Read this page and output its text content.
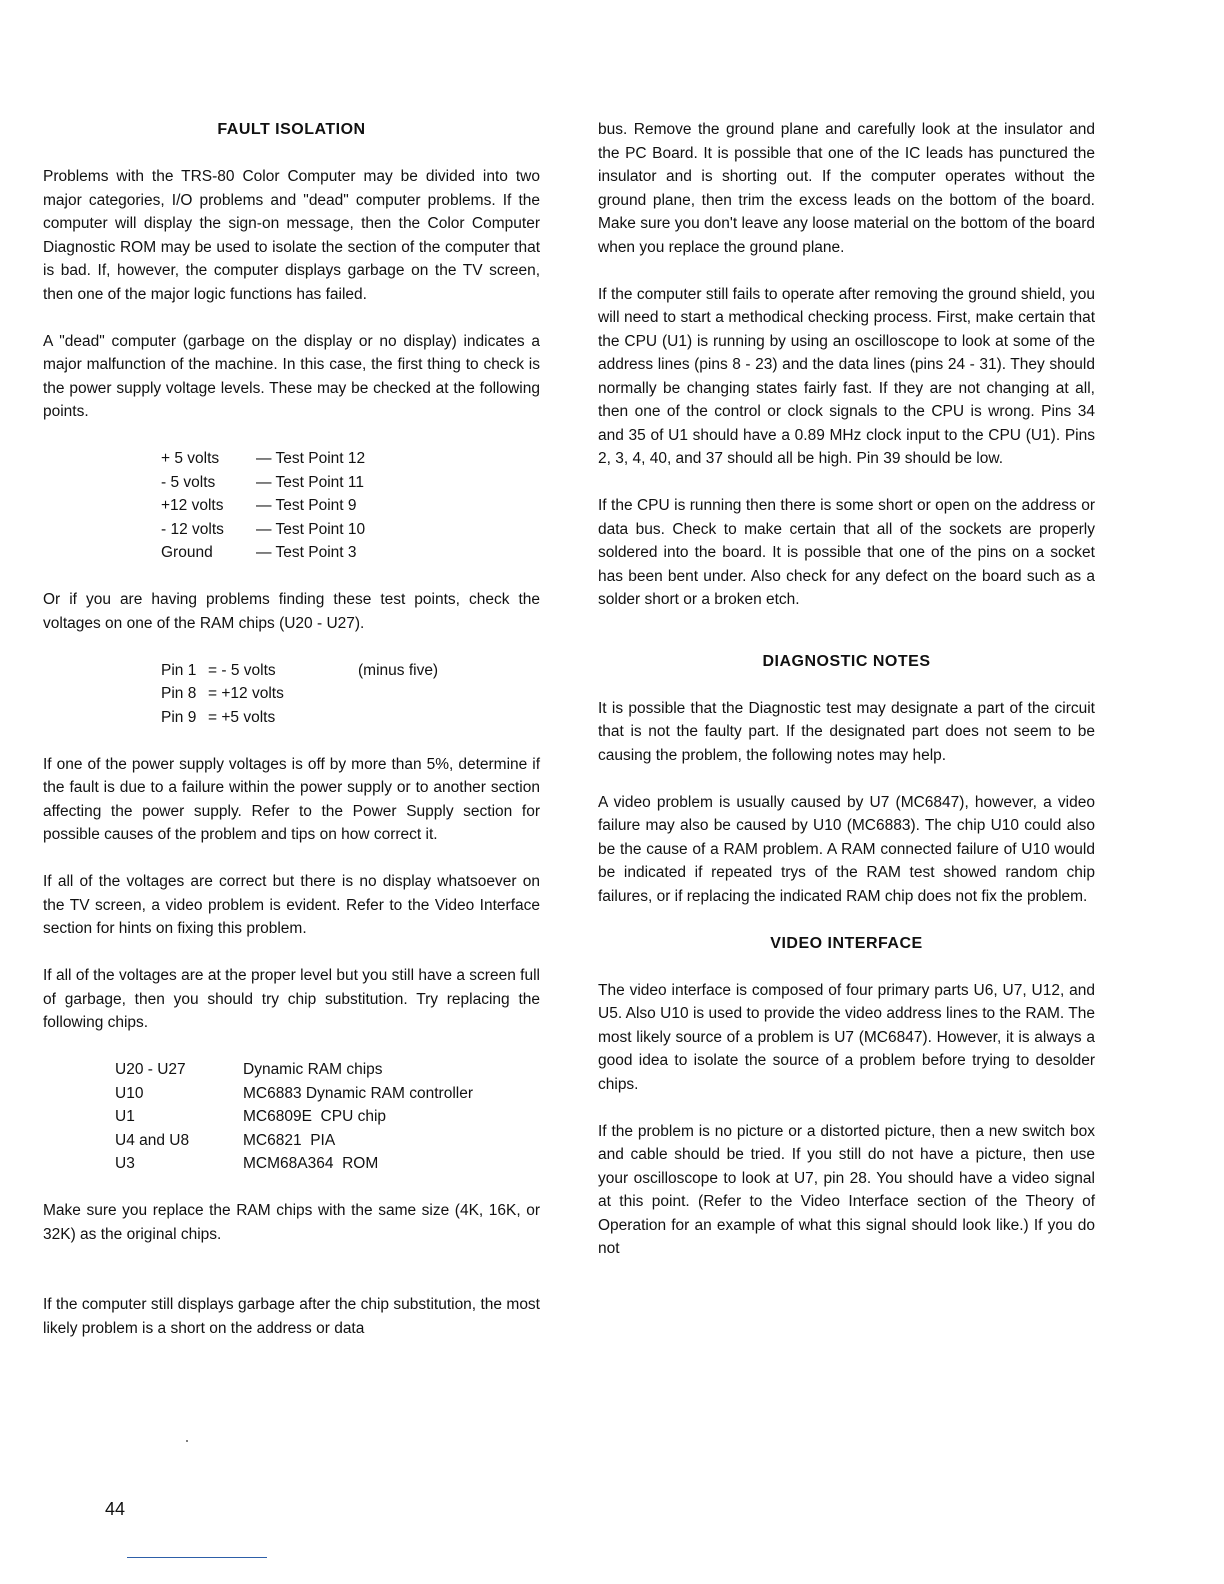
FAULT ISOLATION

Problems with the TRS-80 Color Computer may be divided into two major categories, I/O problems and "dead" computer problems. If the computer will display the sign-on message, then the Color Computer Diagnostic ROM may be used to isolate the section of the computer that is bad. If, however, the computer displays garbage on the TV screen, then one of the major logic functions has failed.

A "dead" computer (garbage on the display or no display) indicates a major malfunction of the machine. In this case, the first thing to check is the power supply voltage levels. These may be checked at the following points.

+ 5 volts	— Test Point 12
- 5 volts	— Test Point 11
+12 volts	— Test Point 9
- 12 volts	— Test Point 10
Ground	— Test Point 3

Or if you are having problems finding these test points, check the voltages on one of the RAM chips (U20 - U27).

Pin 1 = - 5 volts	(minus five)
Pin 8 = +12 volts
Pin 9 = +5 volts

If one of the power supply voltages is off by more than 5%, determine if the fault is due to a failure within the power supply or to another section affecting the power supply. Refer to the Power Supply section for possible causes of the problem and tips on how correct it.

If all of the voltages are correct but there is no display whatsoever on the TV screen, a video problem is evident. Refer to the Video Interface section for hints on fixing this problem.

If all of the voltages are at the proper level but you still have a screen full of garbage, then you should try chip substitution. Try replacing the following chips.

U20 - U27	Dynamic RAM chips
U10	MC6883 Dynamic RAM controller
U1	MC6809E  CPU chip
U4 and U8	MC6821  PIA
U3	MCM68A364  ROM

Make sure you replace the RAM chips with the same size (4K, 16K, or 32K) as the original chips.

If the computer still displays garbage after the chip substitution, the most likely problem is a short on the address or data

bus. Remove the ground plane and carefully look at the insulator and the PC Board. It is possible that one of the IC leads has punctured the insulator and is shorting out. If the computer operates without the ground plane, then trim the excess leads on the bottom of the board. Make sure you don't leave any loose material on the bottom of the board when you replace the ground plane.

If the computer still fails to operate after removing the ground shield, you will need to start a methodical checking process. First, make certain that the CPU (U1) is running by using an oscilloscope to look at some of the address lines (pins 8 - 23) and the data lines (pins 24 - 31). They should normally be changing states fairly fast. If they are not changing at all, then one of the control or clock signals to the CPU is wrong. Pins 34 and 35 of U1 should have a 0.89 MHz clock input to the CPU (U1). Pins 2, 3, 4, 40, and 37 should all be high. Pin 39 should be low.

If the CPU is running then there is some short or open on the address or data bus. Check to make certain that all of the sockets are properly soldered into the board. It is possible that one of the pins on a socket has been bent under. Also check for any defect on the board such as a solder short or a broken etch.

DIAGNOSTIC NOTES

It is possible that the Diagnostic test may designate a part of the circuit that is not the faulty part. If the designated part does not seem to be causing the problem, the following notes may help.

A video problem is usually caused by U7 (MC6847), however, a video failure may also be caused by U10 (MC6883). The chip U10 could also be the cause of a RAM problem. A RAM connected failure of U10 would be indicated if repeated trys of the RAM test showed random chip failures, or if replacing the indicated RAM chip does not fix the problem.

VIDEO INTERFACE

The video interface is composed of four primary parts U6, U7, U12, and U5. Also U10 is used to provide the video address lines to the RAM. The most likely source of a problem is U7 (MC6847). However, it is always a good idea to isolate the source of a problem before trying to desolder chips.

If the problem is no picture or a distorted picture, then a new switch box and cable should be tried. If you still do not have a picture, then use your oscilloscope to look at U7, pin 28. You should have a video signal at this point. (Refer to the Video Interface section of the Theory of Operation for an example of what this signal should look like.) If you do not

44
